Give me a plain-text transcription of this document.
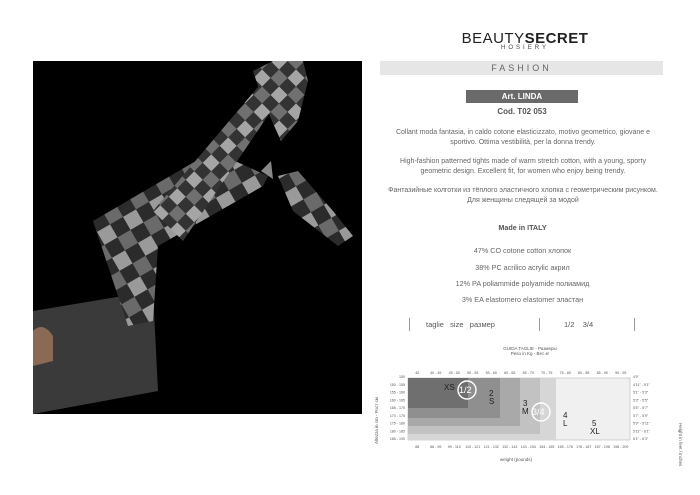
BEAUTYSECRET
HOSIERY
FASHION
Art. LINDA
Cod. T02 053
Collant moda fantasia, in caldo cotone elasticizzato, motivo geometrico, giovane e sportivo. Ottima vestibilità, per la donna trendy.
High-fashion patterned tights made of warm stretch cotton, with a young, sporty geometric design. Excellent fit, for women who enjoy being trendy.
Фантазийные колготки из тёплого эластичного хлопка с геометрическим рисунком. Для женщины следящей за модой
Made in ITALY
47% CO cotone cotton хлопок
38% PC acrilico acrylic акрил
12% PA poliammide polyamide полиамид
3% EA elastomero elastomer эластан
taglie   size   размер	1/2    3/4
GUIDA TAGLIE - Размеры
Peso in Kg - Вес кг
Altezza in cm - Рост см
Height in feet / inches
40	40 - 45 45 - 50 50 - 55 55 - 60 60 - 65 65 - 70 70 - 75 75 - 80 80 - 85 85 - 90 90 - 95
150
150 - 155
155 - 160
160 - 165
165 - 170
170 - 175
175 - 180
180 - 185
185 - 190
4'9"
4'11" - 5'1"
5'1" - 5'3"
5'3" - 5'5"
5'5" - 5'7"
5'7" - 5'9"
5'9" - 5'11"
5'11" - 6'1"
6'1" - 6'3"
XS 1/2 2
S	3
M 3/4 4
L	5
XL
88	88 - 99 99 - 110 110 - 121 121 - 132 132 - 143 143 - 154 154 - 165 165 - 176 176 - 187 187 - 198 198 - 209
weight (pounds)
